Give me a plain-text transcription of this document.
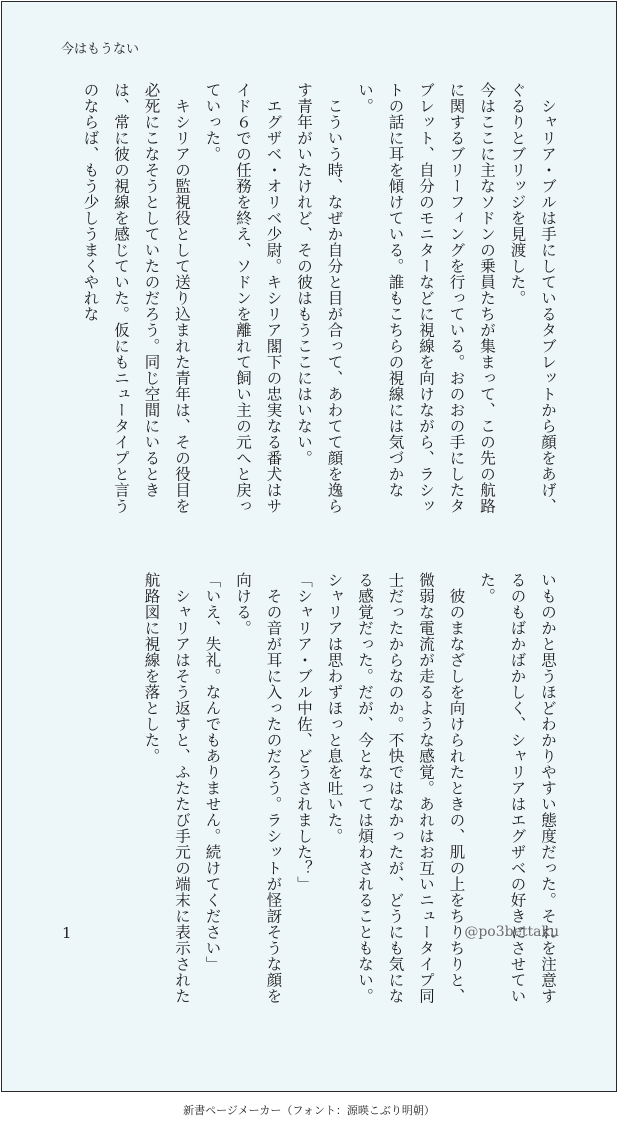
今はもうない

シャリア・ブルは手にしているタブレットから顔をあげ、ぐるりとブリッジを見渡した。

今はここに主なソドンの乗員たちが集まって、この先の航路に関するブリーフィングを行っている。おのおの手にしたタブレット、自分のモニターなどに視線を向けながら、ラシットの話に耳を傾けている。誰もこちらの視線には気づかない。

こういう時、なぜか自分と目が合って、あわてて顔を逸らす青年がいたけれど、その彼はもうここにはいない。

エグザベ・オリベ少尉。キシリア閣下の忠実なる番犬はサイド６での任務を終え、ソドンを離れて飼い主の元へと戻っていった。

キシリアの監視役として送り込まれた青年は、その役目を必死にこなそうとしていたのだろう。同じ空間にいるときは、常に彼の視線を感じていた。仮にもニュータイプと言うのならば、もう少しうまくやれな

いものかと思うほどわかりやすい態度だった。それを注意するのもばかばかしく、シャリアはエグザベの好きにさせていた。

彼のまなざしを向けられたときの、肌の上をちりちりと、微弱な電流が走るような感覚。あれはお互いニュータイプ同士だったからなのか。不快ではなかったが、どうにも気になる感覚だった。だが、今となっては煩わされることもない。シャリアは思わずほっと息を吐いた。

「シャリア・ブル中佐、どうされました？」

その音が耳に入ったのだろう。ラシットが怪訝そうな顔を向ける。

「いえ、失礼。なんでもありません。続けてください」

シャリアはそう返すと、ふたたび手元の端末に表示された航路図に視線を落とした。

1	@po3bettaku
新書ページメーカー（フォント：源暎こぶり明朝）
